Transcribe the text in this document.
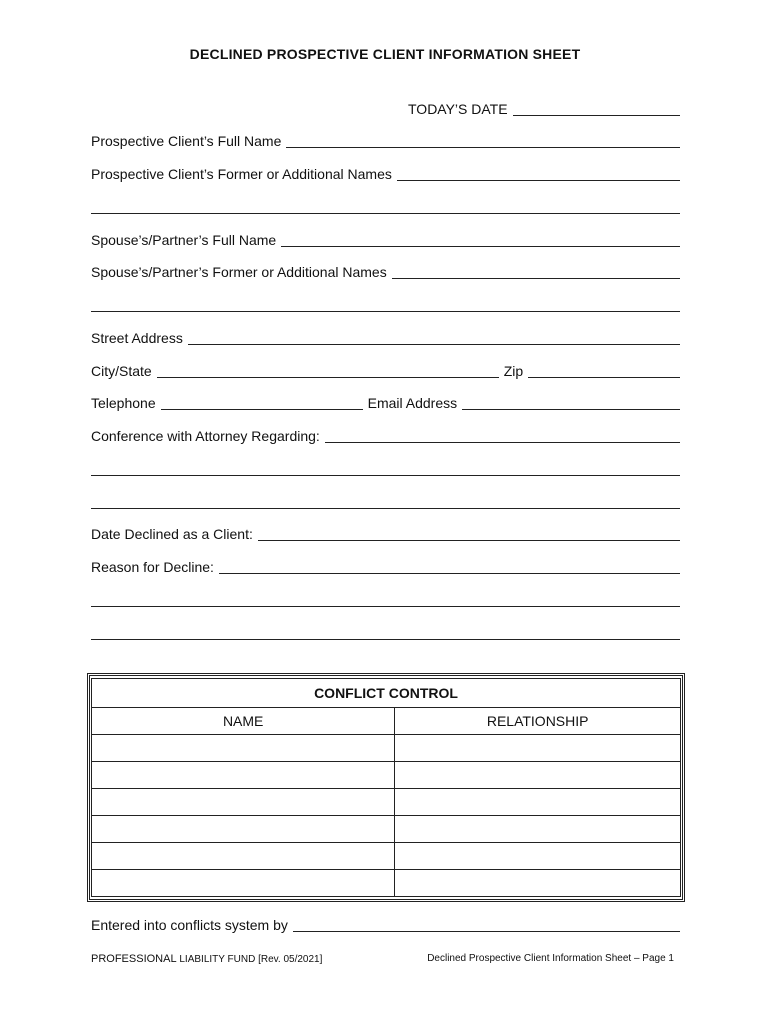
DECLINED PROSPECTIVE CLIENT INFORMATION SHEET
TODAY’S DATE
Prospective Client’s Full Name
Prospective Client’s Former or Additional Names
Spouse’s/Partner’s Full Name
Spouse’s/Partner’s Former or Additional Names
Street Address
City/State	Zip
Telephone	Email Address
Conference with Attorney Regarding:
Date Declined as a Client:
Reason for Decline:
CONFLICT CONTROL	
NAME	RELATIONSHIP

Entered into conflicts system by
PROFESSIONAL LIABILITY FUND [Rev. 05/2021]	Declined Prospective Client Information Sheet – Page 1
